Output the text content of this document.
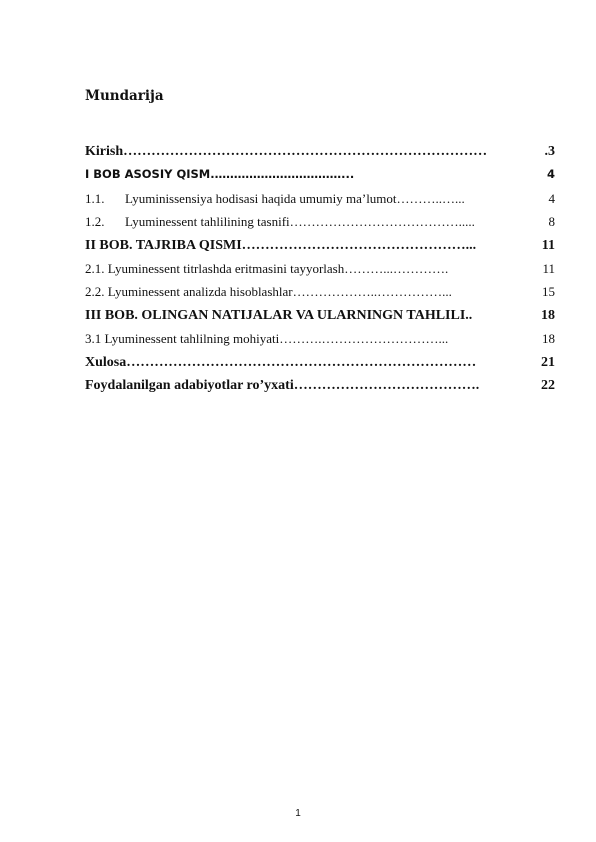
Mundarija
Kirish ……………………………………………………………………	.3
I BOB ASOSIY QISM. ……………………………...	4
1.1.	Lyuminissensiya hodisasi haqida umumiy ma’lumot ………..…...	4
1.2.	Lyuminessent tahlilining tasnifi ………………………………….....	8
II BOB. TAJRIBA QISMI …………………………………………...	11
2.1. Lyuminessent titrlashda eritmasini tayyorlash ………...………….	11
2.2. Lyuminessent analizda hisoblashlar ………………..……………...	15
III BOB. OLINGAN NATIJALAR VA ULARNINGN TAHLILI ..	18
3.1 Lyuminessent tahlilning mohiyati ……….………………………...	18
Xulosa …………………………………………………………………	21
Foydalanilgan adabiyotlar ro’yxati ………………………………….	22
1
